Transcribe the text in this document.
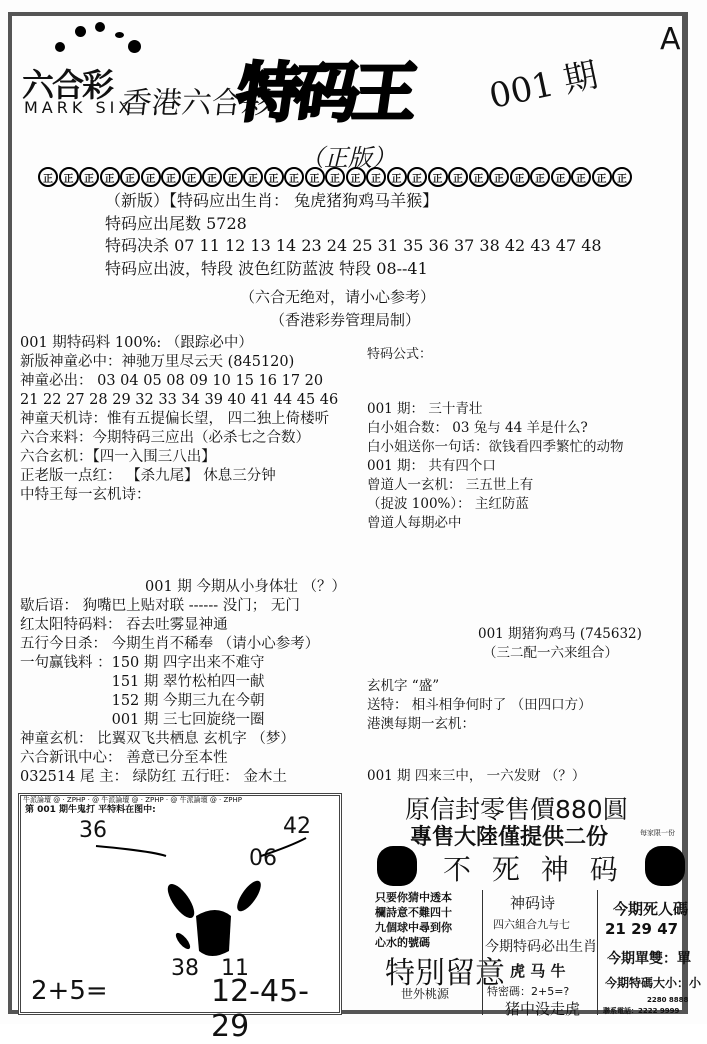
六合彩
MARK SIX
香港六合彩
特码王 001 期
A
（正版）
正	正	正	正	正	正	正	正	正	正	正	正	正	正	正	正	正	正	正	正	正	正	正	正	正	正	正	正	正
（新版）【特码应出生肖： 兔虎猪狗鸡马羊猴】
特码应出尾数 5728
特码决杀 07 11 12 13 14 23 24 25 31 35 36 37 38 42 43 47 48
特码应出波，特段 波色红防蓝波 特段 08--41
（六合无绝对，请小心参考）
（香港彩券管理局制）
001 期特码料 100%: （跟踪必中）
新版神童必中：神驰万里尽云天 (845120)
神童必出： 03 04 05 08 09 10 15 16 17 20
21 22 27 28 29 32 33 34 39 40 41 44 45 46
神童天机诗：惟有五提偏长望， 四二独上倚楼听
六合来料：今期特码三应出（必杀七之合数）
六合玄机：【四一入围三八出】
正老版一点红： 【杀九尾】 休息三分钟
中特王每一玄机诗：
特码公式：
001 期： 三十青壮
白小姐合数： 03 兔与 44 羊是什么?
白小姐送你一句话：欲钱看四季繁忙的动物
001 期： 共有四个口
曾道人一玄机： 三五世上有
（捉波 100%）： 主红防蓝
曾道人每期必中
001 期 今期从小身体壮 （？）
歇后语： 狗嘴巴上贴对联 ------ 没门； 无门
红太阳特码料： 吞去吐雾显神通
五行今日杀： 今期生肖不稀奉 （请小心参考）
一句赢钱料 ：150 期 四字出来不难守
　　　　　　 151 期 翠竹松柏四一献
　　　　　　 152 期 今期三九在今朝
　　　　　　 001 期 三七回旋绕一圈
神童玄机： 比翼双飞共栖息 玄机字 （梦）
六合新讯中心： 善意已分至本性
032514 尾 主： 绿防红 五行旺： 金木土
001 期猪狗鸡马 (745632)
（三二配一六来组合）
玄机字 “盛”
送特： 相斗相争何时了 （田四口方）
港澳每期一玄机：
001 期 四来三中， 一六发财 （？）
牛派論壇 @ · ZPHP · @ 牛派論壇 @ · ZPHP · @ 牛派論壇 @ · ZPHP
第 001 期牛鬼打 平特料在图中:
36	42
06
38 11
2+5=	12-45-29
原信封零售價880圓
專售大陸僅提供二份	每家限一份
不 死 神 码
只要你猜中透本
欄詩意不難四十
九個球中尋到你
心水的號碼
特別留意
世外桃源
神码诗
四六組合九与七
今期特码必出生肖
虎 马 牛
特密碼：2+5=?
猪中没走虎
今期死人碼
21 29 47
今期單雙：單
今期特碼大小：小
2280 8888
聯系電話：2222 9999
